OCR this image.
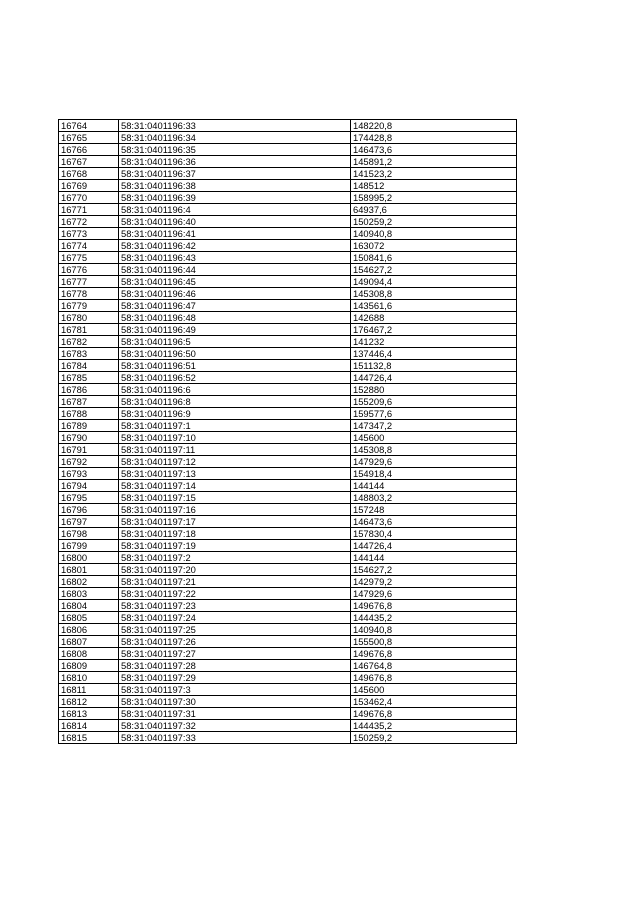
16764	58:31:0401196:33	148220,8
16765	58:31:0401196:34	174428,8
16766	58:31:0401196:35	146473,6
16767	58:31:0401196:36	145891,2
16768	58:31:0401196:37	141523,2
16769	58:31:0401196:38	148512
16770	58:31:0401196:39	158995,2
16771	58:31:0401196:4	64937,6
16772	58:31:0401196:40	150259,2
16773	58:31:0401196:41	140940,8
16774	58:31:0401196:42	163072
16775	58:31:0401196:43	150841,6
16776	58:31:0401196:44	154627,2
16777	58:31:0401196:45	149094,4
16778	58:31:0401196:46	145308,8
16779	58:31:0401196:47	143561,6
16780	58:31:0401196:48	142688
16781	58:31:0401196:49	176467,2
16782	58:31:0401196:5	141232
16783	58:31:0401196:50	137446,4
16784	58:31:0401196:51	151132,8
16785	58:31:0401196:52	144726,4
16786	58:31:0401196:6	152880
16787	58:31:0401196:8	155209,6
16788	58:31:0401196:9	159577,6
16789	58:31:0401197:1	147347,2
16790	58:31:0401197:10	145600
16791	58:31:0401197:11	145308,8
16792	58:31:0401197:12	147929,6
16793	58:31:0401197:13	154918,4
16794	58:31:0401197:14	144144
16795	58:31:0401197:15	148803,2
16796	58:31:0401197:16	157248
16797	58:31:0401197:17	146473,6
16798	58:31:0401197:18	157830,4
16799	58:31:0401197:19	144726,4
16800	58:31:0401197:2	144144
16801	58:31:0401197:20	154627,2
16802	58:31:0401197:21	142979,2
16803	58:31:0401197:22	147929,6
16804	58:31:0401197:23	149676,8
16805	58:31:0401197:24	144435,2
16806	58:31:0401197:25	140940,8
16807	58:31:0401197:26	155500,8
16808	58:31:0401197:27	149676,8
16809	58:31:0401197:28	146764,8
16810	58:31:0401197:29	149676,8
16811	58:31:0401197:3	145600
16812	58:31:0401197:30	153462,4
16813	58:31:0401197:31	149676,8
16814	58:31:0401197:32	144435,2
16815	58:31:0401197:33	150259,2
